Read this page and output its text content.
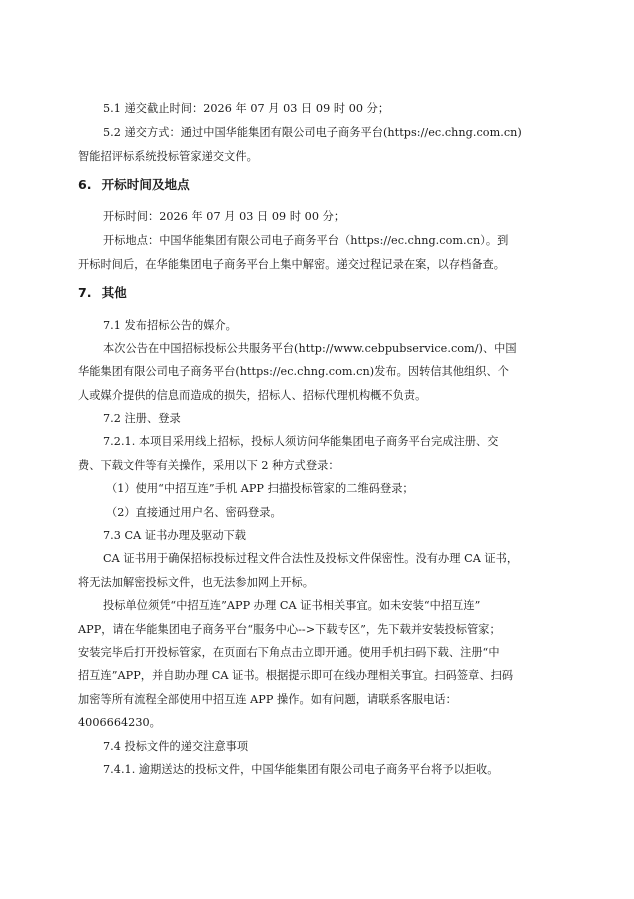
5.1 递交截止时间：2026 年 07 月 03 日 09 时 00 分；
5.2 递交方式：通过中国华能集团有限公司电子商务平台(https://ec.chng.com.cn)
智能招评标系统投标管家递交文件。
6. 开标时间及地点
开标时间：2026 年 07 月 03 日 09 时 00 分；
开标地点：中国华能集团有限公司电子商务平台（https://ec.chng.com.cn）。到
开标时间后，在华能集团电子商务平台上集中解密。递交过程记录在案，以存档备查。
7. 其他
7.1 发布招标公告的媒介。
本次公告在中国招标投标公共服务平台(http://www.cebpubservice.com/)、中国
华能集团有限公司电子商务平台(https://ec.chng.com.cn)发布。因转信其他组织、个
人或媒介提供的信息而造成的损失，招标人、招标代理机构概不负责。
7.2 注册、登录
7.2.1. 本项目采用线上招标，投标人须访问华能集团电子商务平台完成注册、交
费、下载文件等有关操作，采用以下 2 种方式登录：
（1）使用“中招互连”手机 APP 扫描投标管家的二维码登录；
（2）直接通过用户名、密码登录。
7.3 CA 证书办理及驱动下载
CA 证书用于确保招标投标过程文件合法性及投标文件保密性。没有办理 CA 证书，
将无法加解密投标文件，也无法参加网上开标。
投标单位须凭“中招互连”APP 办理 CA 证书相关事宜。如未安装“中招互连”
APP，请在华能集团电子商务平台“服务中心-->下载专区”，先下载并安装投标管家；
安装完毕后打开投标管家，在页面右下角点击立即开通。使用手机扫码下载、注册“中
招互连”APP，并自助办理 CA 证书。根据提示即可在线办理相关事宜。扫码签章、扫码
加密等所有流程全部使用中招互连 APP 操作。如有问题，请联系客服电话：
4006664230。
7.4 投标文件的递交注意事项
7.4.1. 逾期送达的投标文件，中国华能集团有限公司电子商务平台将予以拒收。
